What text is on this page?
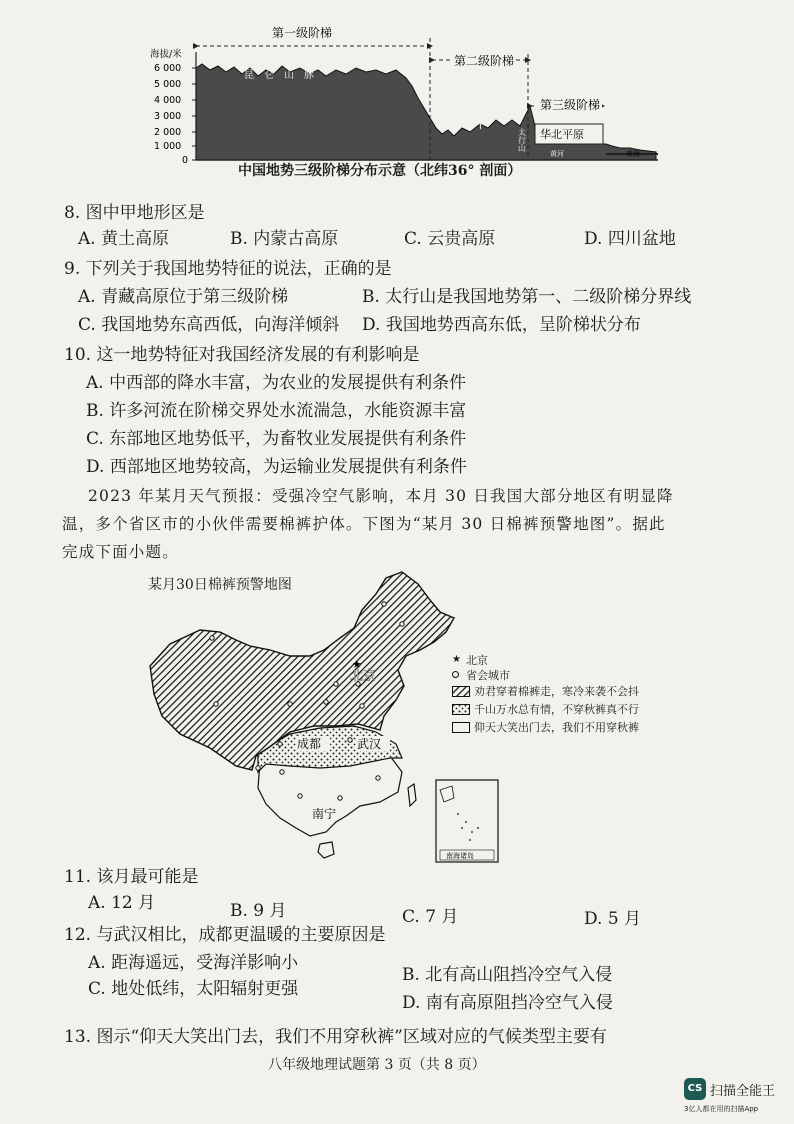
海拔/米
6 000
5 000
4 000
3 000
2 000
1 000
0
第一级阶梯
第二级阶梯
第三级阶梯
青　藏　高　原
昆　仑　山　脉
甲
太行山 华北平原
黄河	黄海
中国地势三级阶梯分布示意（北纬36° 剖面）
8. 图中甲地形区是
A. 黄土高原	B. 内蒙古高原	C. 云贵高原	D. 四川盆地
9. 下列关于我国地势特征的说法，正确的是
A. 青藏高原位于第三级阶梯	B. 太行山是我国地势第一、二级阶梯分界线
C. 我国地势东高西低，向海洋倾斜 D. 我国地势西高东低，呈阶梯状分布
10. 这一地势特征对我国经济发展的有利影响是
A. 中西部的降水丰富，为农业的发展提供有利条件
B. 许多河流在阶梯交界处水流湍急，水能资源丰富
C. 东部地区地势低平，为畜牧业发展提供有利条件
D. 西部地区地势较高，为运输业发展提供有利条件
2023 年某月天气预报：受强冷空气影响，本月 30 日我国大部分地区有明显降
温，多个省区市的小伙伴需要棉裤护体。下图为“某月 30 日棉裤预警地图”。据此
完成下面小题。
某月30日棉裤预警地图
★
北京
成都	武汉
南宁
南海诸岛
★ 北京
省会城市
劝君穿着棉裤走，寒冷来袭不会抖
千山万水总有情，不穿秋裤真不行
仰天大笑出门去，我们不用穿秋裤
11. 该月最可能是
A. 12 月	B. 9 月	C. 7 月	D. 5 月
12. 与武汉相比，成都更温暖的主要原因是
A. 距海遥远，受海洋影响小
B. 北有高山阻挡冷空气入侵
C. 地处低纬，太阳辐射更强
D. 南有高原阻挡冷空气入侵
13. 图示“仰天大笑出门去，我们不用穿秋裤”区域对应的气候类型主要有
八年级地理试题第 3 页（共 8 页）
CS 扫描全能王
3亿人都在用的扫描App
